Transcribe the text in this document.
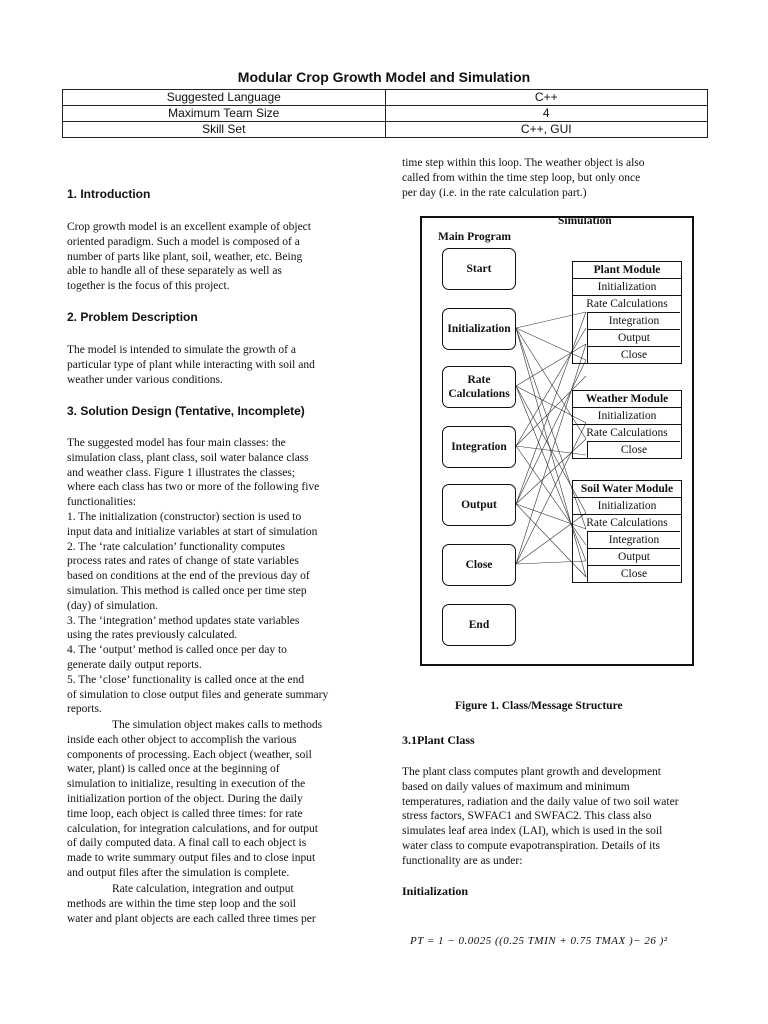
Modular Crop Growth Model and Simulation
Suggested Language	C++
Maximum Team Size	4
Skill Set	C++, GUI
1. Introduction
Crop growth model is an excellent example of object
oriented paradigm. Such a model is composed of a
number of parts like plant, soil, weather, etc. Being
able to handle all of these separately as well as
together is the focus of this project.
2. Problem Description
The model is intended to simulate the growth of a
particular type of plant while interacting with soil and
weather under various conditions.
3. Solution Design (Tentative, Incomplete)
The suggested model has four main classes: the
simulation class, plant class, soil water balance class
and weather class. Figure 1 illustrates the classes;
where each class has two or more of the following five
functionalities:
1. The initialization (constructor) section is used to
input data and initialize variables at start of simulation
2. The ‘rate calculation’ functionality computes
process rates and rates of change of state variables
based on conditions at the end of the previous day of
simulation. This method is called once per time step
(day) of simulation.
3. The ‘integration’ method updates state variables
using the rates previously calculated.
4. The ‘output’ method is called once per day to
generate daily output reports.
5. The ‘close’ functionality is called once at the end
of simulation to close output files and generate summary
reports.
The simulation object makes calls to methods
inside each other object to accomplish the various
components of processing. Each object (weather, soil
water, plant) is called once at the beginning of
simulation to initialize, resulting in execution of the
initialization portion of the object. During the daily
time loop, each object is called three times: for rate
calculation, for integration calculations, and for output
of daily computed data. A final call to each object is
made to write summary output files and to close input
and output files after the simulation is complete.
Rate calculation, integration and output
methods are within the time step loop and the soil
water and plant objects are each called three times per
time step within this loop. The weather object is also
called from within the time step loop, but only once
per day (i.e. in the rate calculation part.)
Simulation
Main Program
Start
Initialization
Rate Calculations
Integration
Output
Close
End
Plant Module
Initialization
Rate Calculations
Integration
Output
Close
Weather Module
Initialization
Rate Calculations
Close
Soil Water Module
Initialization
Rate Calculations
Integration
Output
Close
Figure 1. Class/Message Structure
3.1Plant Class
The plant class computes plant growth and development
based on daily values of maximum and minimum
temperatures, radiation and the daily value of two soil water
stress factors, SWFAC1 and SWFAC2. This class also
simulates leaf area index (LAI), which is used in the soil
water class to compute evapotranspiration. Details of its
functionality are as under:
Initialization
PT = 1 − 0.0025 ((0.25 TMIN + 0.75 TMAX )− 26 )²
